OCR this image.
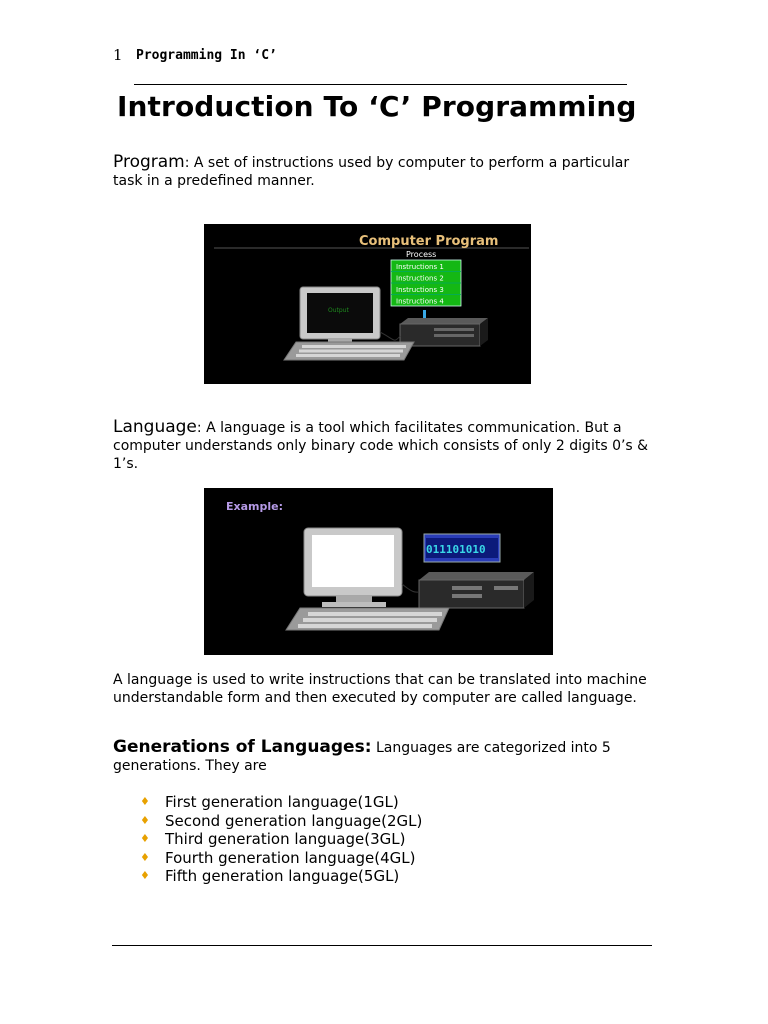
1 Programming In ‘C’
Introduction To ‘C’ Programming
Program: A set of instructions used by computer to perform a particular task in a predefined manner.
Computer Program
Process
Instructions 1
Instructions 2
Instructions 3
Instructions 4
Output
Language: A language is a tool which facilitates communication. But a computer understands only binary code which consists of only 2 digits 0’s & 1’s.
Example:
011101010
A language is used to write instructions that can be translated into machine understandable form and then executed by computer are called language.
Generations of Languages: Languages are categorized into 5 generations. They are
♦	First generation language(1GL)
♦	Second generation language(2GL)
♦	Third generation language(3GL)
♦	Fourth generation language(4GL)
♦	Fifth generation language(5GL)
